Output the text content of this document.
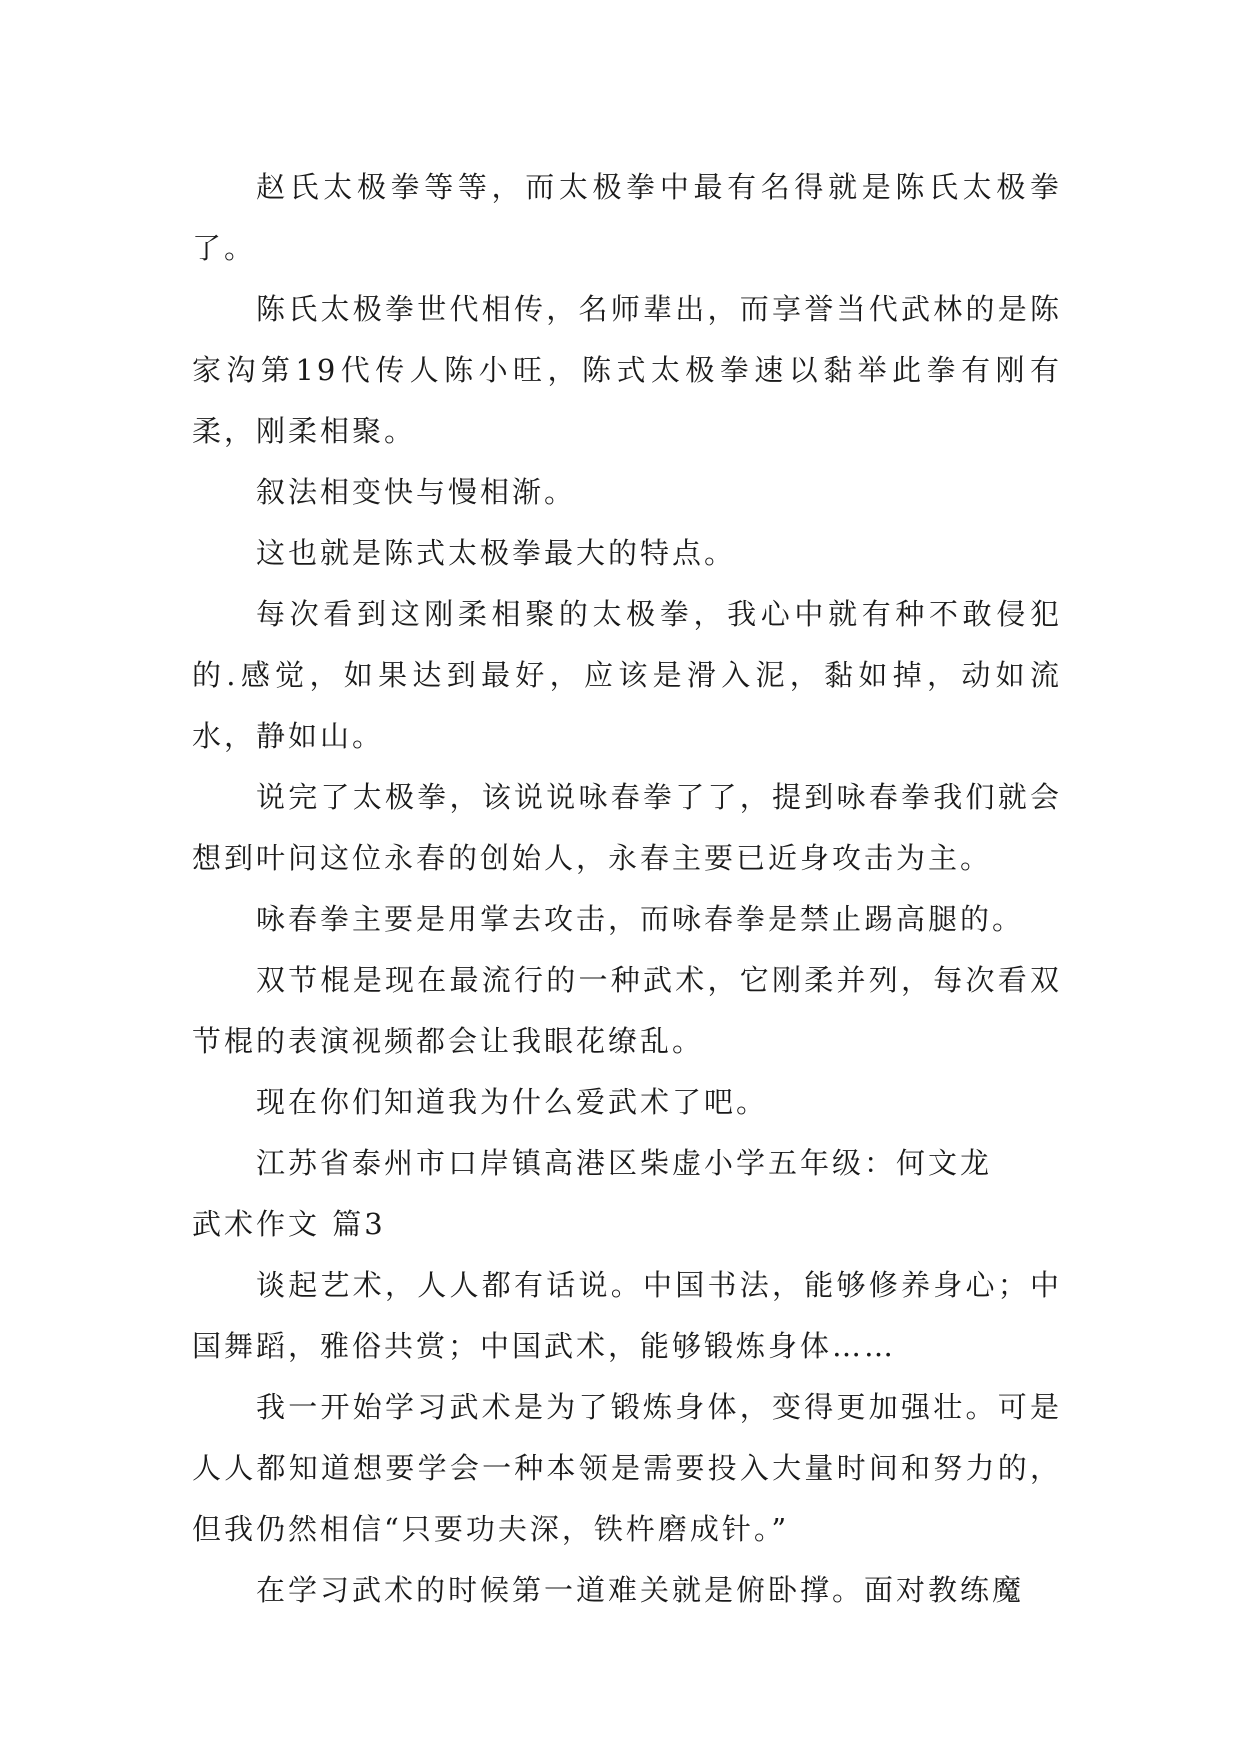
赵氏太极拳等等，而太极拳中最有名得就是陈氏太极拳了。

陈氏太极拳世代相传，名师辈出，而享誉当代武林的是陈家沟第19代传人陈小旺，陈式太极拳速以黏举此拳有刚有柔，刚柔相聚。

叙法相变快与慢相渐。

这也就是陈式太极拳最大的特点。

每次看到这刚柔相聚的太极拳，我心中就有种不敢侵犯的.感觉，如果达到最好，应该是滑入泥，黏如掉，动如流水，静如山。

说完了太极拳，该说说咏春拳了了，提到咏春拳我们就会想到叶问这位永春的创始人，永春主要已近身攻击为主。

咏春拳主要是用掌去攻击，而咏春拳是禁止踢高腿的。

双节棍是现在最流行的一种武术，它刚柔并列，每次看双节棍的表演视频都会让我眼花缭乱。

现在你们知道我为什么爱武术了吧。

江苏省泰州市口岸镇高港区柴虚小学五年级：何文龙

武术作文 篇3

谈起艺术，人人都有话说。中国书法，能够修养身心；中国舞蹈，雅俗共赏；中国武术，能够锻炼身体……

我一开始学习武术是为了锻炼身体，变得更加强壮。可是人人都知道想要学会一种本领是需要投入大量时间和努力的，但我仍然相信“只要功夫深，铁杵磨成针。”

在学习武术的时候第一道难关就是俯卧撑。面对教练魔
